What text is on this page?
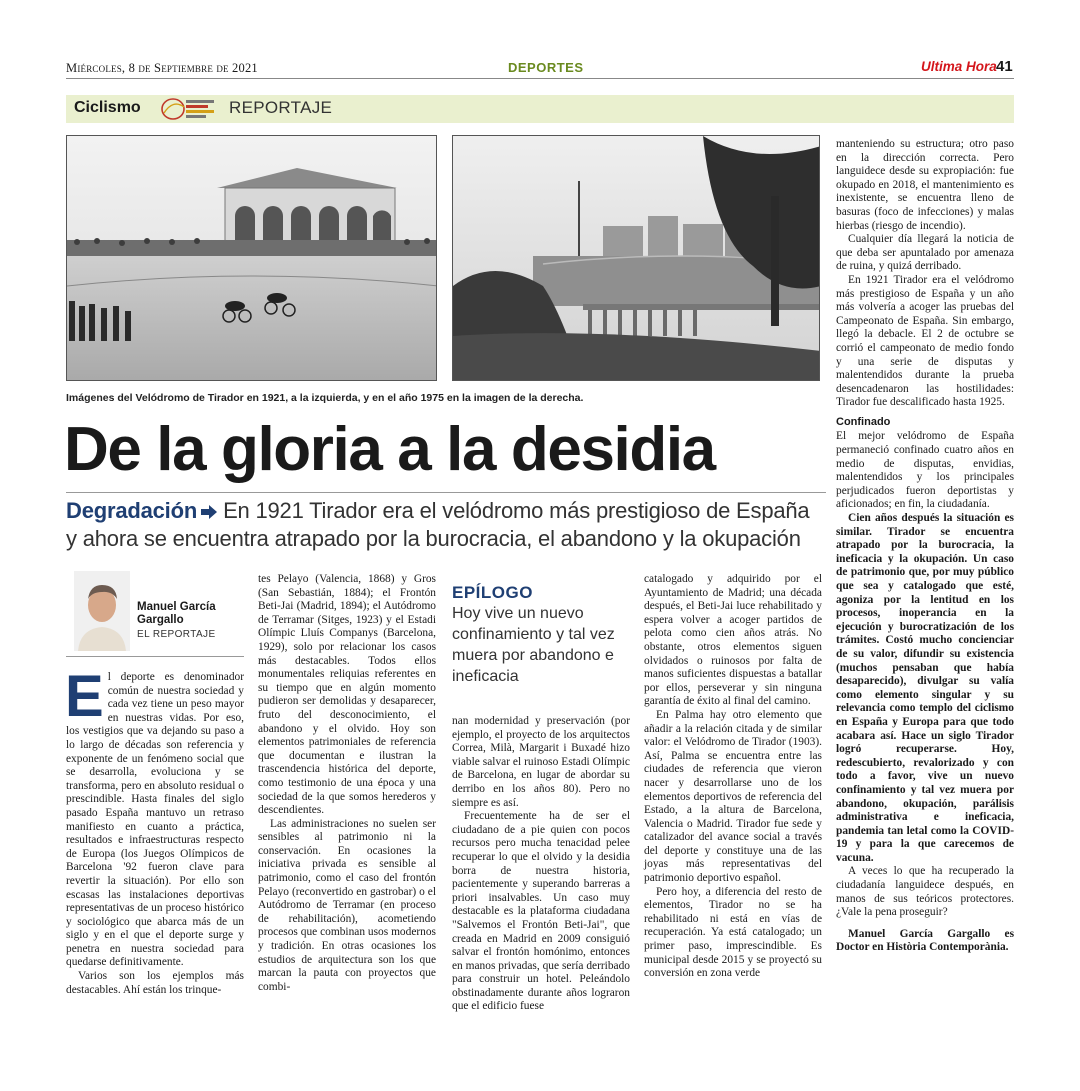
Miércoles, 8 de Septiembre de 2021	DEPORTES	Ultima Hora 41
Ciclismo	REPORTAJE
Imágenes del Velódromo de Tirador en 1921, a la izquierda, y en el año 1975 en la imagen de la derecha.
De la gloria a la desidia
Degradación En 1921 Tirador era el velódromo más prestigioso de España y ahora se encuentra atrapado por la burocracia, el abandono y la okupación
Manuel García Gargallo
EL REPORTAJE

El deporte es denominador común de nuestra sociedad y cada vez tiene un peso mayor en nuestras vidas. Por eso, los vestigios que va dejando su paso a lo largo de décadas son referencia y exponente de un fenómeno social que se desarrolla, evoluciona y se transforma, pero en absoluto residual o prescindible. Hasta finales del siglo pasado España mantuvo un retraso manifiesto en cuanto a práctica, resultados e infraestructuras respecto de Europa (los Juegos Olímpicos de Barcelona '92 fueron clave para revertir la situación). Por ello son escasas las instalaciones deportivas representativas de un proceso histórico y sociológico que abarca más de un siglo y en el que el deporte surge y penetra en nuestra sociedad para quedarse definitivamente.

Varios son los ejemplos más destacables. Ahí están los trinque-

tes Pelayo (Valencia, 1868) y Gros (San Sebastián, 1884); el Frontón Beti-Jai (Madrid, 1894); el Autódromo de Terramar (Sitges, 1923) y el Estadi Olímpic Lluís Companys (Barcelona, 1929), solo por relacionar los casos más destacables. Todos ellos monumentales reliquias referentes en su tiempo que en algún momento pudieron ser demolidas y desaparecer, fruto del desconocimiento, el abandono y el olvido. Hoy son elementos patrimoniales de referencia que documentan e ilustran la trascendencia histórica del deporte, como testimonio de una época y una sociedad de la que somos herederos y descendientes.

Las administraciones no suelen ser sensibles al patrimonio ni la conservación. En ocasiones la iniciativa privada es sensible al patrimonio, como el caso del frontón Pelayo (reconvertido en gastrobar) o el Autódromo de Terramar (en proceso de rehabilitación), acometiendo procesos que combinan usos modernos y tradición. En otras ocasiones los estudios de arquitectura son los que marcan la pauta con proyectos que combi-

EPÍLOGO
Hoy vive un nuevo confinamiento y tal vez muera por abandono e ineficacia

nan modernidad y preservación (por ejemplo, el proyecto de los arquitectos Correa, Milà, Margarit i Buxadé hizo viable salvar el ruinoso Estadi Olímpic de Barcelona, en lugar de abordar su derribo en los años 80). Pero no siempre es así.

Frecuentemente ha de ser el ciudadano de a pie quien con pocos recursos pero mucha tenacidad pelee recuperar lo que el olvido y la desidia borra de nuestra historia, pacientemente y superando barreras a priori insalvables. Un caso muy destacable es la plataforma ciudadana "Salvemos el Frontón Beti-Jai", que creada en Madrid en 2009 consiguió salvar el frontón homónimo, entonces en manos privadas, que sería derribado para construir un hotel. Peleándolo obstinadamente durante años lograron que el edificio fuese

catalogado y adquirido por el Ayuntamiento de Madrid; una década después, el Beti-Jai luce rehabilitado y espera volver a acoger partidos de pelota como cien años atrás. No obstante, otros elementos siguen olvidados o ruinosos por falta de manos suficientes dispuestas a batallar por ellos, perseverar y sin ninguna garantía de éxito al final del camino.

En Palma hay otro elemento que añadir a la relación citada y de similar valor: el Velódromo de Tirador (1903). Así, Palma se encuentra entre las ciudades de referencia que vieron nacer y desarrollarse uno de los elementos deportivos de referencia del Estado, a la altura de Barcelona, Valencia o Madrid. Tirador fue sede y catalizador del avance social a través del deporte y constituye una de las joyas más representativas del patrimonio deportivo español.

Pero hoy, a diferencia del resto de elementos, Tirador no se ha rehabilitado ni está en vías de recuperación. Ya está catalogado; un primer paso, imprescindible. Es municipal desde 2015 y se proyectó su conversión en zona verde

manteniendo su estructura; otro paso en la dirección correcta. Pero languidece desde su expropiación: fue okupado en 2018, el mantenimiento es inexistente, se encuentra lleno de basuras (foco de infecciones) y malas hierbas (riesgo de incendio).

Cualquier día llegará la noticia de que deba ser apuntalado por amenaza de ruina, y quizá derribado.

En 1921 Tirador era el velódromo más prestigioso de España y un año más volvería a acoger las pruebas del Campeonato de España. Sin embargo, llegó la debacle. El 2 de octubre se corrió el campeonato de medio fondo y una serie de disputas y malentendidos durante la prueba desencadenaron las hostilidades: Tirador fue descalificado hasta 1925.

Confinado

El mejor velódromo de España permaneció confinado cuatro años en medio de disputas, envidias, malentendidos y los principales perjudicados fueron deportistas y aficionados; en fin, la ciudadanía.

Cien años después la situación es similar. Tirador se encuentra atrapado por la burocracia, la ineficacia y la okupación. Un caso de patrimonio que, por muy público que sea y catalogado que esté, agoniza por la lentitud en los procesos, inoperancia en la ejecución y burocratización de los trámites. Costó mucho concienciar de su valor, difundir su existencia (muchos pensaban que había desaparecido), divulgar su valía como elemento singular y su relevancia como templo del ciclismo en España y Europa para que todo acabara así. Hace un siglo Tirador logró recuperarse. Hoy, redescubierto, revalorizado y con todo a favor, vive un nuevo confinamiento y tal vez muera por abandono, okupación, parálisis administrativa e ineficacia, pandemia tan letal como la COVID-19 y para la que carecemos de vacuna.

A veces lo que ha recuperado la ciudadanía languidece después, en manos de sus teóricos protectores. ¿Vale la pena proseguir?

Manuel García Gargallo es Doctor en Història Contemporània.
